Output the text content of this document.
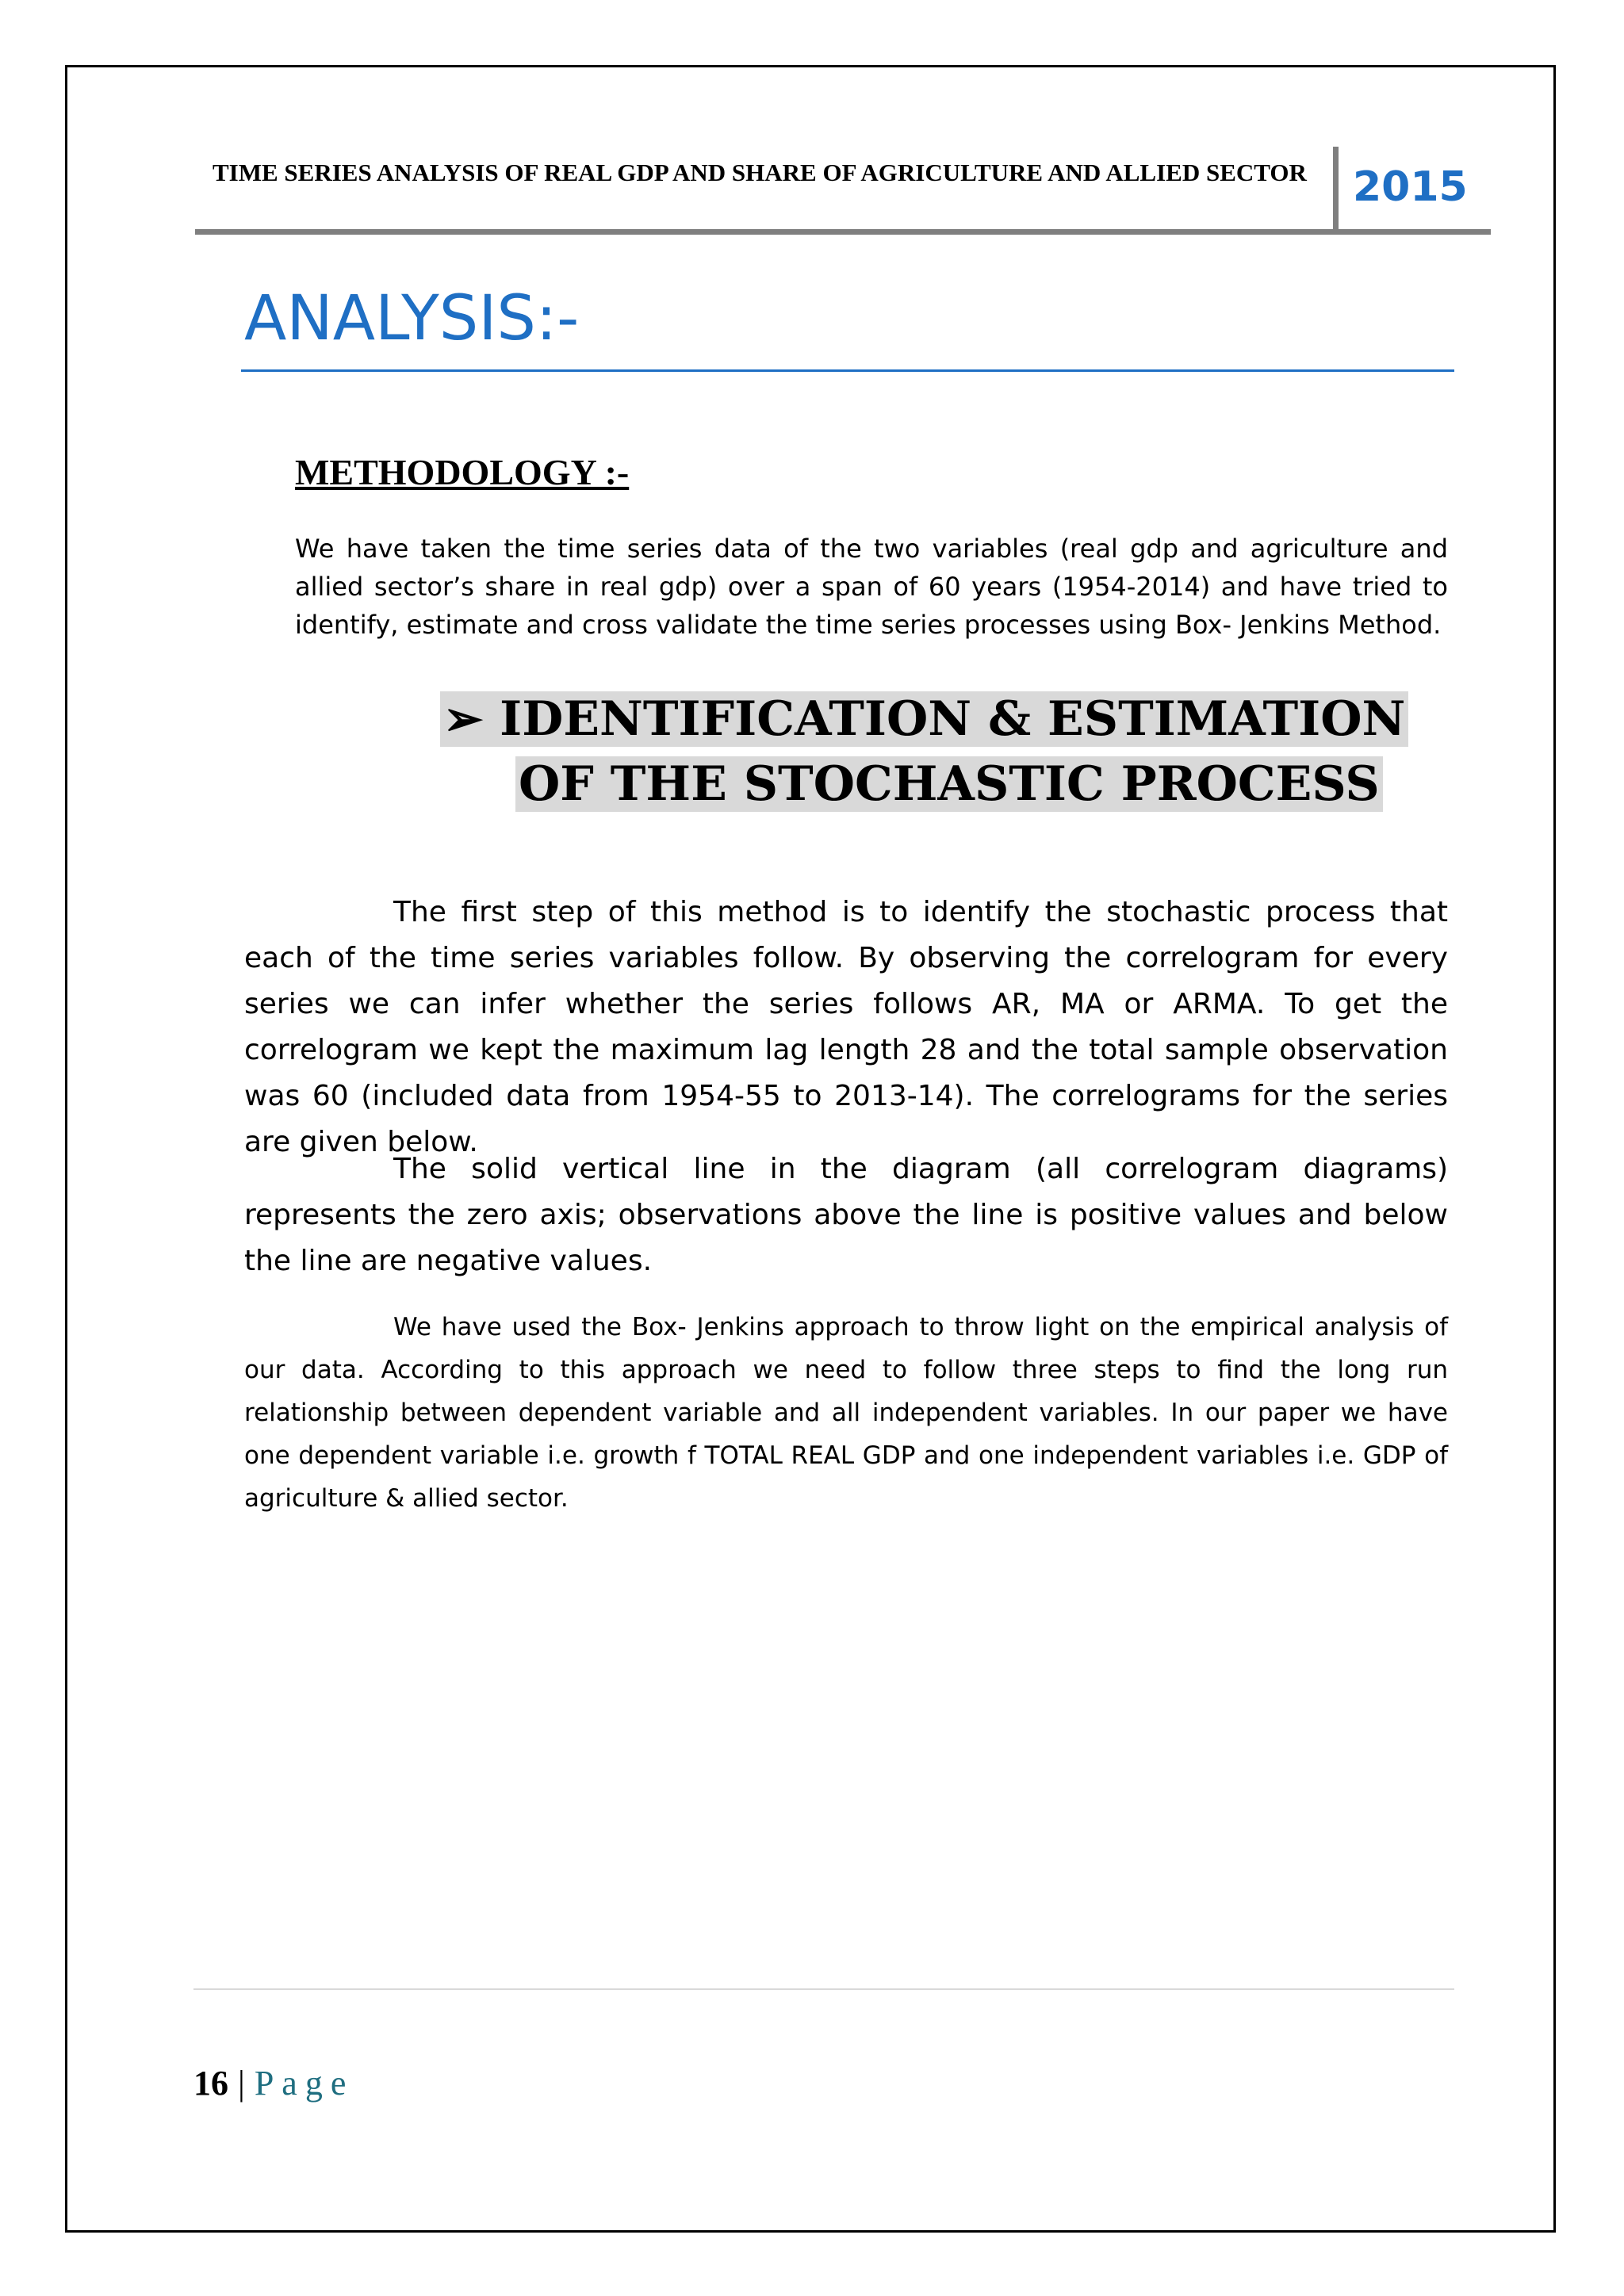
TIME SERIES ANALYSIS OF REAL GDP AND SHARE OF AGRICULTURE AND ALLIED SECTOR	2015
ANALYSIS:-
METHODOLOGY :-
We have taken the time series data of the two variables (real gdp and agriculture and allied sector’s share in real gdp) over a span of 60 years (1954-2014) and have tried to identify, estimate and cross validate the time series processes using Box- Jenkins Method.
➢ IDENTIFICATION & ESTIMATION
OF THE STOCHASTIC PROCESS

The first step of this method is to identify the stochastic process that each of the time series variables follow. By observing the correlogram for every series we can infer whether the series follows AR, MA or ARMA. To get the correlogram we kept the maximum lag length 28 and the total sample observation was 60 (included data from 1954-55 to 2013-14). The correlograms for the series are given below.

The solid vertical line in the diagram (all correlogram diagrams) represents the zero axis; observations above the line is positive values and below the line are negative values.

We have used the Box- Jenkins approach to throw light on the empirical analysis of our data. According to this approach we need to follow three steps to find the long run relationship between dependent variable and all independent variables. In our paper we have one dependent variable i.e. growth f TOTAL REAL GDP and one independent variables i.e. GDP of agriculture & allied sector.

16 | Page
